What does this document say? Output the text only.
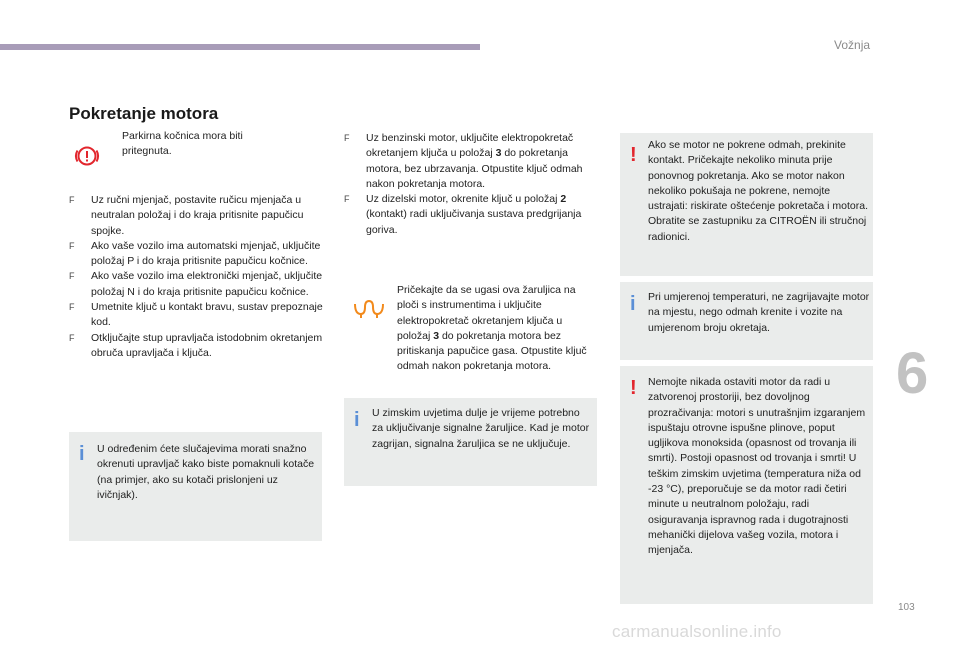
Vožnja
Pokretanje motora
Parkirna kočnica mora biti pritegnuta.
F Uz ručni mjenjač, postavite ručicu mjenjača u neutralan položaj i do kraja pritisnite papučicu spojke.
F Ako vaše vozilo ima automatski mjenjač, uključite položaj P i do kraja pritisnite papučicu kočnice.
F Ako vaše vozilo ima elektronički mjenjač, uključite položaj N i do kraja pritisnite papučicu kočnice.
F Umetnite ključ u kontakt bravu, sustav prepoznaje kod.
F Otključajte stup upravljača istodobnim okretanjem obruča upravljača i ključa.
i U određenim ćete slučajevima morati snažno okrenuti upravljač kako biste pomaknuli kotače (na primjer, ako su kotači prislonjeni uz ivičnjak).
F Uz benzinski motor, uključite elektropokretač okretanjem ključa u položaj 3 do pokretanja motora, bez ubrzavanja. Otpustite ključ odmah nakon pokretanja motora.
F Uz dizelski motor, okrenite ključ u položaj 2 (kontakt) radi uključivanja sustava predgrijanja goriva.
Pričekajte da se ugasi ova žaruljica na ploči s instrumentima i uključite elektropokretač okretanjem ključa u položaj 3 do pokretanja motora bez pritiskanja papučice gasa. Otpustite ključ odmah nakon pokretanja motora.
i U zimskim uvjetima dulje je vrijeme potrebno za uključivanje signalne žaruljice. Kad je motor zagrijan, signalna žaruljica se ne uključuje.
! Ako se motor ne pokrene odmah, prekinite kontakt. Pričekajte nekoliko minuta prije ponovnog pokretanja. Ako se motor nakon nekoliko pokušaja ne pokrene, nemojte ustrajati: riskirate oštećenje pokretača i motora. Obratite se zastupniku za CITROËN ili stručnoj radionici.
i Pri umjerenoj temperaturi, ne zagrijavajte motor na mjestu, nego odmah krenite i vozite na umjerenom broju okretaja.
! Nemojte nikada ostaviti motor da radi u zatvorenoj prostoriji, bez dovoljnog prozračivanja: motori s unutrašnjim izgaranjem ispuštaju otrovne ispušne plinove, poput ugljikova monoksida (opasnost od trovanja ili smrti). Postoji opasnost od trovanja i smrti! U teškim zimskim uvjetima (temperatura niža od -23 °C), preporučuje se da motor radi četiri minute u neutralnom položaju, radi osiguravanja ispravnog rada i dugotrajnosti mehanički dijelova vašeg vozila, motora i mjenjača.
6
103
carmanualsonline.info
